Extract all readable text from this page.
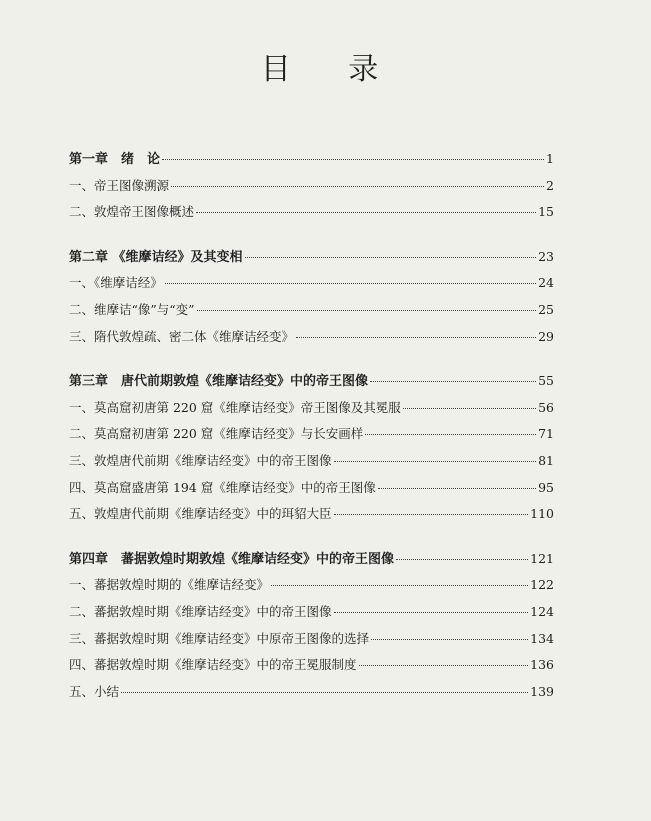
目 录
第一章　绪　论	1
一、帝王图像溯源	2
二、敦煌帝王图像概述	15
第二章 《维摩诘经》及其变相	23
一、《维摩诘经》	24
二、维摩诘“像”与“变”	25
三、隋代敦煌疏、密二体《维摩诘经变》	29
第三章　唐代前期敦煌《维摩诘经变》中的帝王图像	55
一、莫高窟初唐第 220 窟《维摩诘经变》帝王图像及其冕服	56
二、莫高窟初唐第 220 窟《维摩诘经变》与长安画样	71
三、敦煌唐代前期《维摩诘经变》中的帝王图像	81
四、莫高窟盛唐第 194 窟《维摩诘经变》中的帝王图像	95
五、敦煌唐代前期《维摩诘经变》中的珥貂大臣	110
第四章　蕃据敦煌时期敦煌《维摩诘经变》中的帝王图像	121
一、蕃据敦煌时期的《维摩诘经变》	122
二、蕃据敦煌时期《维摩诘经变》中的帝王图像	124
三、蕃据敦煌时期《维摩诘经变》中原帝王图像的选择	134
四、蕃据敦煌时期《维摩诘经变》中的帝王冕服制度	136
五、小结	139
